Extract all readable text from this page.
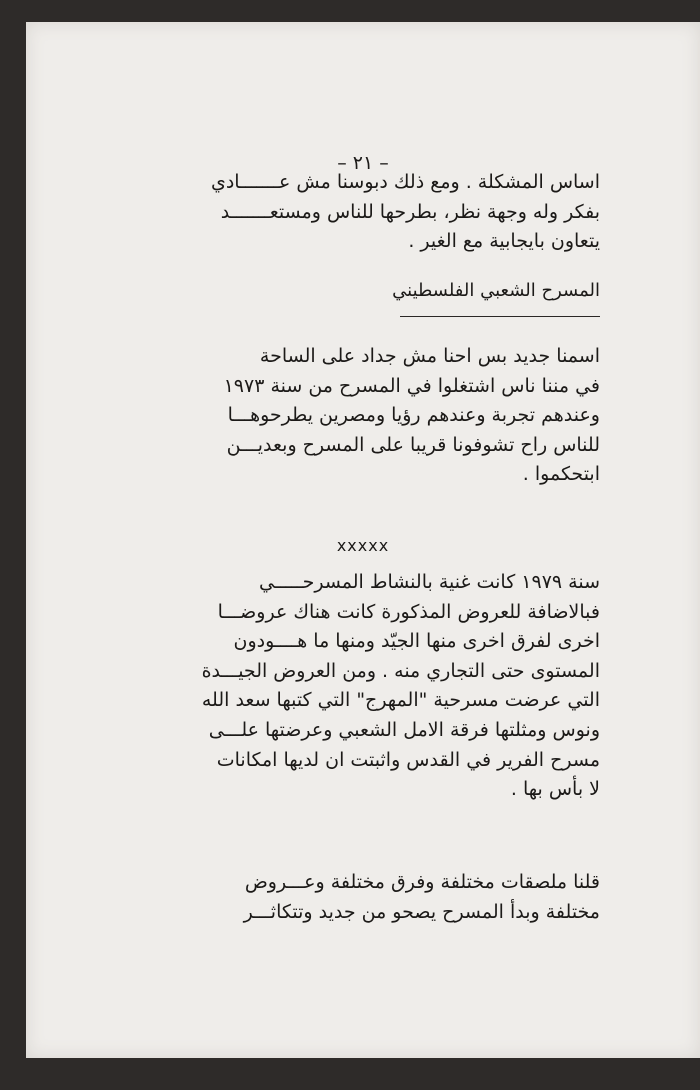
– ٢١ –
اساس المشكلة . ومع ذلك دبوسنا مش عـــــــادي
بفكر وله وجهة نظر، بطرحها للناس ومستعـــــــد
يتعاون بايجابية مع الغير .
المسرح الشعبي الفلسطيني
اسمنا جديد بس احنا مش جداد على الساحة
في مننا ناس اشتغلوا في المسرح من سنة ١٩٧٣
وعندهم تجربة وعندهم رؤيا ومصرين يطرحوهـــا
للناس راح تشوفونا قريبا على المسرح وبعديـــن
ابتحكموا .
xxxxx
سنة ١٩٧٩ كانت غنية بالنشاط المسرحـــــي
فبالاضافة للعروض المذكورة كانت هناك عروضـــا
اخرى لفرق اخرى منها الجيّد ومنها ما هــــودون
المستوى حتى التجاري منه . ومن العروض الجيـــدة
التي عرضت مسرحية "المهرج" التي كتبها سعد الله
ونوس ومثلتها فرقة الامل الشعبي وعرضتها علـــى
مسرح الفرير في القدس واثبتت ان لديها امكانات
لا بأس بها .
قلنا ملصقات مختلفة وفرق مختلفة وعـــروض
مختلفة وبدأ المسرح يصحو من جديد وتتكاثـــر
